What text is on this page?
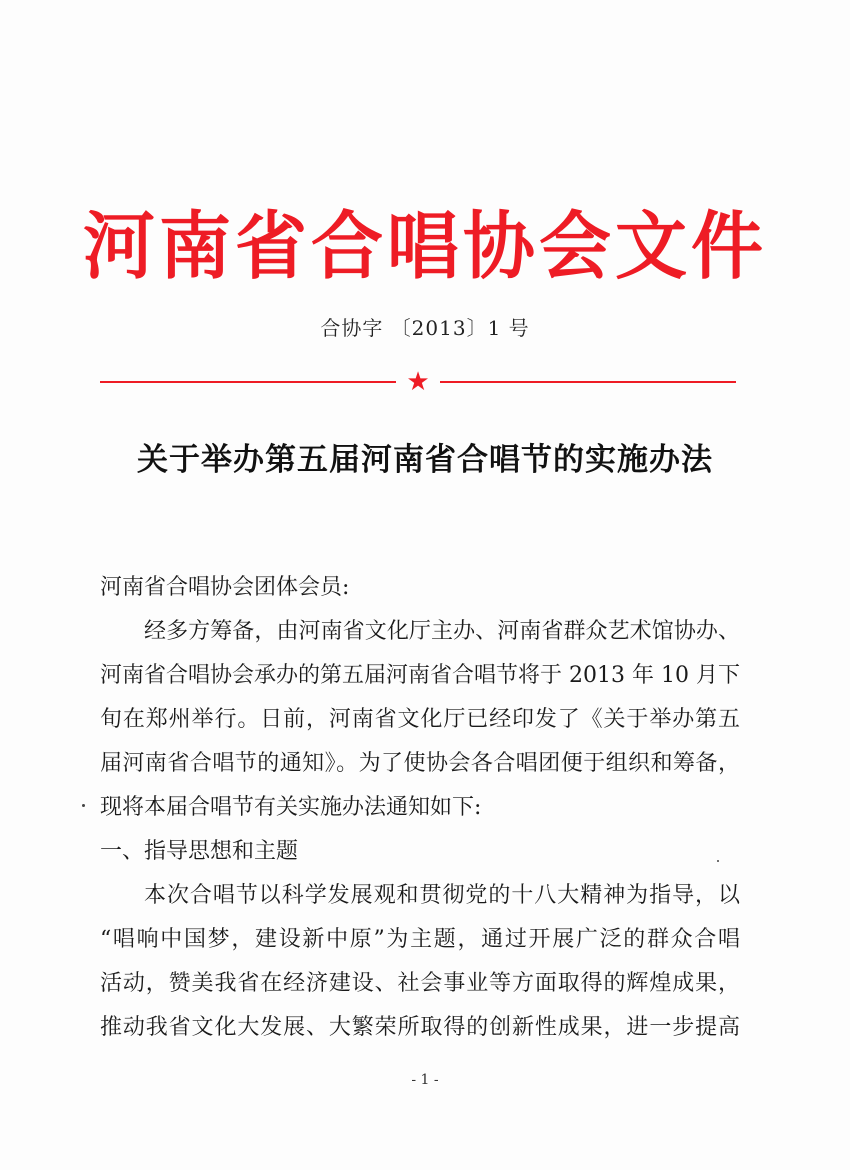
河南省合唱协会文件
合协字 〔2013〕1 号
★
关于举办第五届河南省合唱节的实施办法
河南省合唱协会团体会员:
经多方筹备，由河南省文化厅主办、河南省群众艺术馆协办、
河南省合唱协会承办的第五届河南省合唱节将于 2013 年 10 月下
旬在郑州举行。日前，河南省文化厅已经印发了《关于举办第五
届河南省合唱节的通知》。为了使协会各合唱团便于组织和筹备，
现将本届合唱节有关实施办法通知如下:
一、指导思想和主题
本次合唱节以科学发展观和贯彻党的十八大精神为指导，以
“唱响中国梦，建设新中原”为主题，通过开展广泛的群众合唱
活动，赞美我省在经济建设、社会事业等方面取得的辉煌成果，
推动我省文化大发展、大繁荣所取得的创新性成果，进一步提高
- 1 -
